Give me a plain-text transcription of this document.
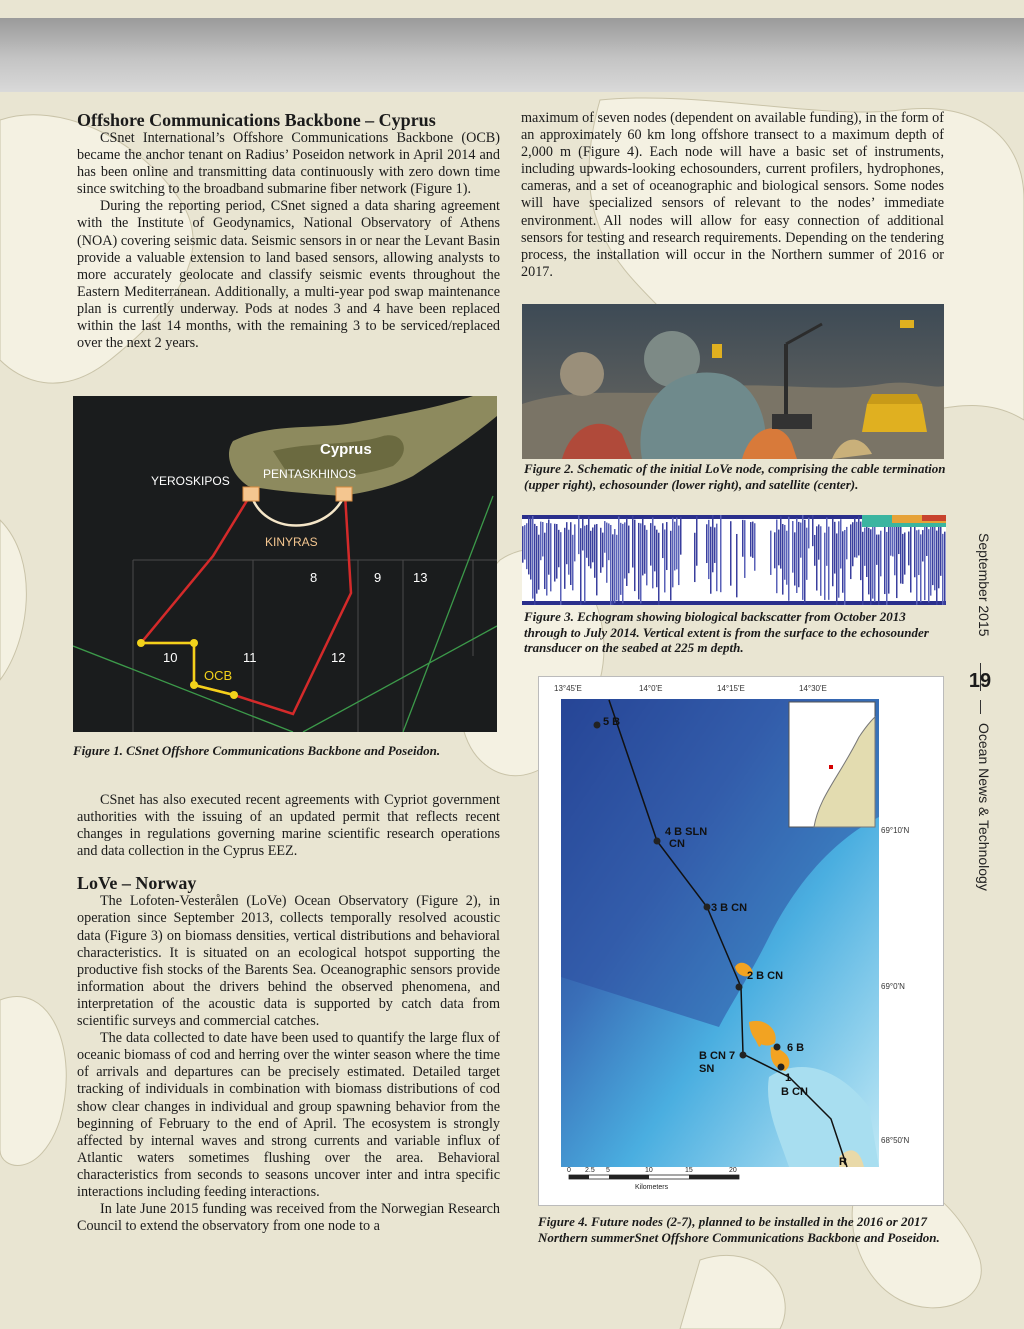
Offshore Communications Backbone – Cyprus

CSnet International’s Offshore Communications Backbone (OCB) became the anchor tenant on Radius’ Poseidon network in April 2014 and has been online and transmitting data continuously with zero down time since switching to the broadband submarine fiber network (Figure 1).

During the reporting period, CSnet signed a data sharing agreement with the Institute of Geodynamics, National Observatory of Athens (NOA) covering seismic data. Seismic sensors in or near the Levant Basin provide a valuable extension to land based sensors, allowing analysts to more accurately geolocate and classify seismic events throughout the Eastern Mediterranean. Additionally, a multi-year pod swap maintenance plan is currently underway. Pods at nodes 3 and 4 have been replaced within the last 14 months, with the remaining 3 to be serviced/replaced over the next 2 years.

Cyprus
YEROSKIPOS	PENTASKHINOS
KINYRAS
8	9 13
10	11	12
OCB
Figure 1. CSnet Offshore Communications Backbone and Poseidon.

CSnet has also executed recent agreements with Cypriot government authorities with the issuing of an updated permit that reflects recent changes in regulations governing marine scientific research operations and data collection in the Cyprus EEZ.

LoVe – Norway

The Lofoten-Vesterålen (LoVe) Ocean Observatory (Figure 2), in operation since September 2013, collects temporally resolved acoustic data (Figure 3) on biomass densities, vertical distributions and behavioral characteristics. It is situated on an ecological hotspot supporting the productive fish stocks of the Barents Sea. Oceanographic sensors provide information about the drivers behind the observed phenomena, and interpretation of the acoustic data is supported by catch data from scientific surveys and commercial catches.

The data collected to date have been used to quantify the large flux of oceanic biomass of cod and herring over the winter season where the time of arrivals and departures can be precisely estimated. Detailed target tracking of individuals in combination with biomass distributions of cod show clear changes in individual and group spawning behavior from the beginning of February to the end of April. The ecosystem is strongly affected by internal waves and strong currents and variable influx of Atlantic waters sometimes flushing over the area. Behavioral characteristics from seconds to seasons uncover inter and intra specific interactions including feeding interactions.

In late June 2015 funding was received from the Norwegian Research Council to extend the observatory from one node to a

maximum of seven nodes (dependent on available funding), in the form of an approximately 60 km long offshore transect to a maximum depth of 2,000 m (Figure 4). Each node will have a basic set of instruments, including upwards-looking echosounders, current profilers, hydrophones, cameras, and a set of oceanographic and biological sensors. Some nodes will have specialized sensors of relevant to the nodes’ immediate environment. All nodes will allow for easy connection of additional sensors for testing and research requirements. Depending on the tendering process, the installation will occur in the Northern summer of 2016 or 2017.

Figure 2. Schematic of the initial LoVe node, comprising the cable termination (upper right), echosounder (lower right), and satellite (center).
Figure 3. Echogram showing biological backscatter from October 2013 through to July 2014. Vertical extent is from the surface to the echosounder transducer on the seabed at 225 m depth.
5 B
4 B SLN
CN
3 B CN
2 B CN
6 B
B CN 7
SN
1
B CN
R
13°45'E	14°0'E	14°15'E	14°30'E
69°10'N
69°0'N
68°50'N
0 2.5 5	10	15	20
Kilometers
Figure 4. Future nodes (2-7), planned to be installed in the 2016 or 2017 Northern summerSnet Offshore Communications Backbone and Poseidon.
September 2015
Ocean News & Technology
19
